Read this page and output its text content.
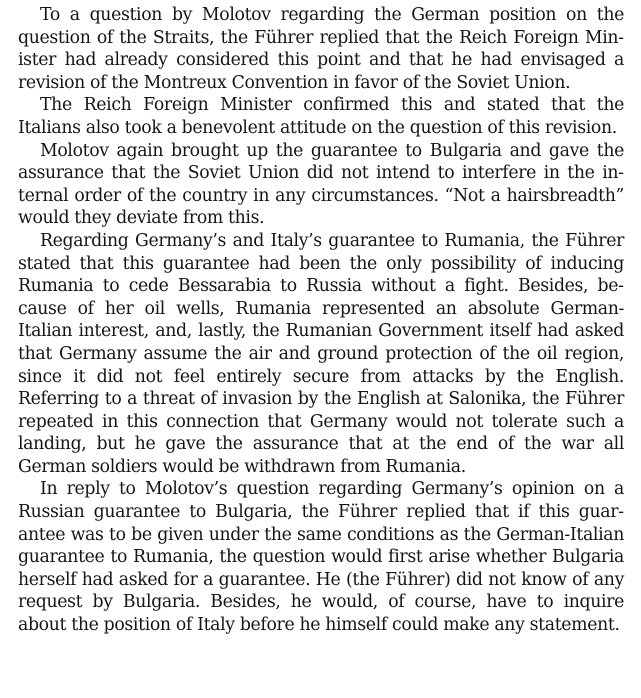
To a question by Molotov regarding the German position on the question of the Straits, the Führer replied that the Reich Foreign Minister had already considered this point and that he had envisaged a revision of the Montreux Convention in favor of the Soviet Union.

The Reich Foreign Minister confirmed this and stated that the Italians also took a benevolent attitude on the question of this revision.

Molotov again brought up the guarantee to Bulgaria and gave the assurance that the Soviet Union did not intend to interfere in the internal order of the country in any circumstances. “Not a hairsbreadth” would they deviate from this.

Regarding Germany’s and Italy’s guarantee to Rumania, the Führer stated that this guarantee had been the only possibility of inducing Rumania to cede Bessarabia to Russia without a fight. Besides, because of her oil wells, Rumania represented an absolute German-Italian interest, and, lastly, the Rumanian Government itself had asked that Germany assume the air and ground protection of the oil region, since it did not feel entirely secure from attacks by the English. Referring to a threat of invasion by the English at Salonika, the Führer repeated in this connection that Germany would not tolerate such a landing, but he gave the assurance that at the end of the war all German soldiers would be withdrawn from Rumania.

In reply to Molotov’s question regarding Germany’s opinion on a Russian guarantee to Bulgaria, the Führer replied that if this guarantee was to be given under the same conditions as the German-Italian guarantee to Rumania, the question would first arise whether Bulgaria herself had asked for a guarantee. He (the Führer) did not know of any request by Bulgaria. Besides, he would, of course, have to inquire about the position of Italy before he himself could make any statement.
